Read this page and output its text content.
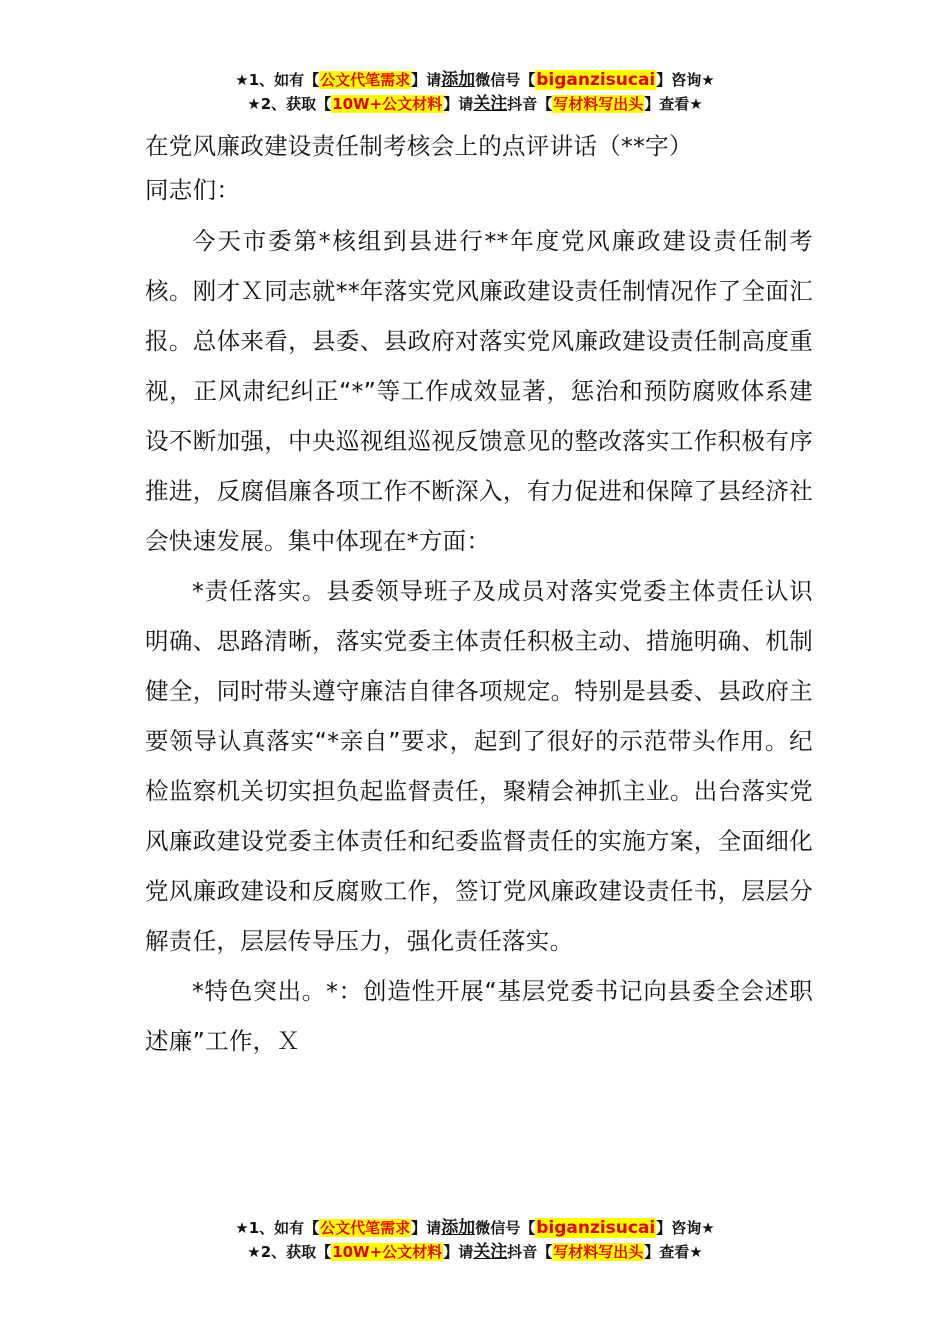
★1、如有【公文代笔需求】请添加微信号【biganzisucai】咨询★
★2、获取【10W+公文材料】请关注抖音【写材料写出头】查看★

在党风廉政建设责任制考核会上的点评讲话（**字）

同志们：

今天市委第*核组到县进行**年度党风廉政建设责任制考核。刚才Ｘ同志就**年落实党风廉政建设责任制情况作了全面汇报。总体来看，县委、县政府对落实党风廉政建设责任制高度重视，正风肃纪纠正“*”等工作成效显著，惩治和预防腐败体系建设不断加强，中央巡视组巡视反馈意见的整改落实工作积极有序推进，反腐倡廉各项工作不断深入，有力促进和保障了县经济社会快速发展。集中体现在*方面：

*责任落实。县委领导班子及成员对落实党委主体责任认识明确、思路清晰，落实党委主体责任积极主动、措施明确、机制健全，同时带头遵守廉洁自律各项规定。特别是县委、县政府主要领导认真落实“*亲自”要求，起到了很好的示范带头作用。纪检监察机关切实担负起监督责任，聚精会神抓主业。出台落实党风廉政建设党委主体责任和纪委监督责任的实施方案，全面细化党风廉政建设和反腐败工作，签订党风廉政建设责任书，层层分解责任，层层传导压力，强化责任落实。

*特色突出。*：创造性开展“基层党委书记向县委全会述职述廉”工作，Ｘ

★1、如有【公文代笔需求】请添加微信号【biganzisucai】咨询★
★2、获取【10W+公文材料】请关注抖音【写材料写出头】查看★
